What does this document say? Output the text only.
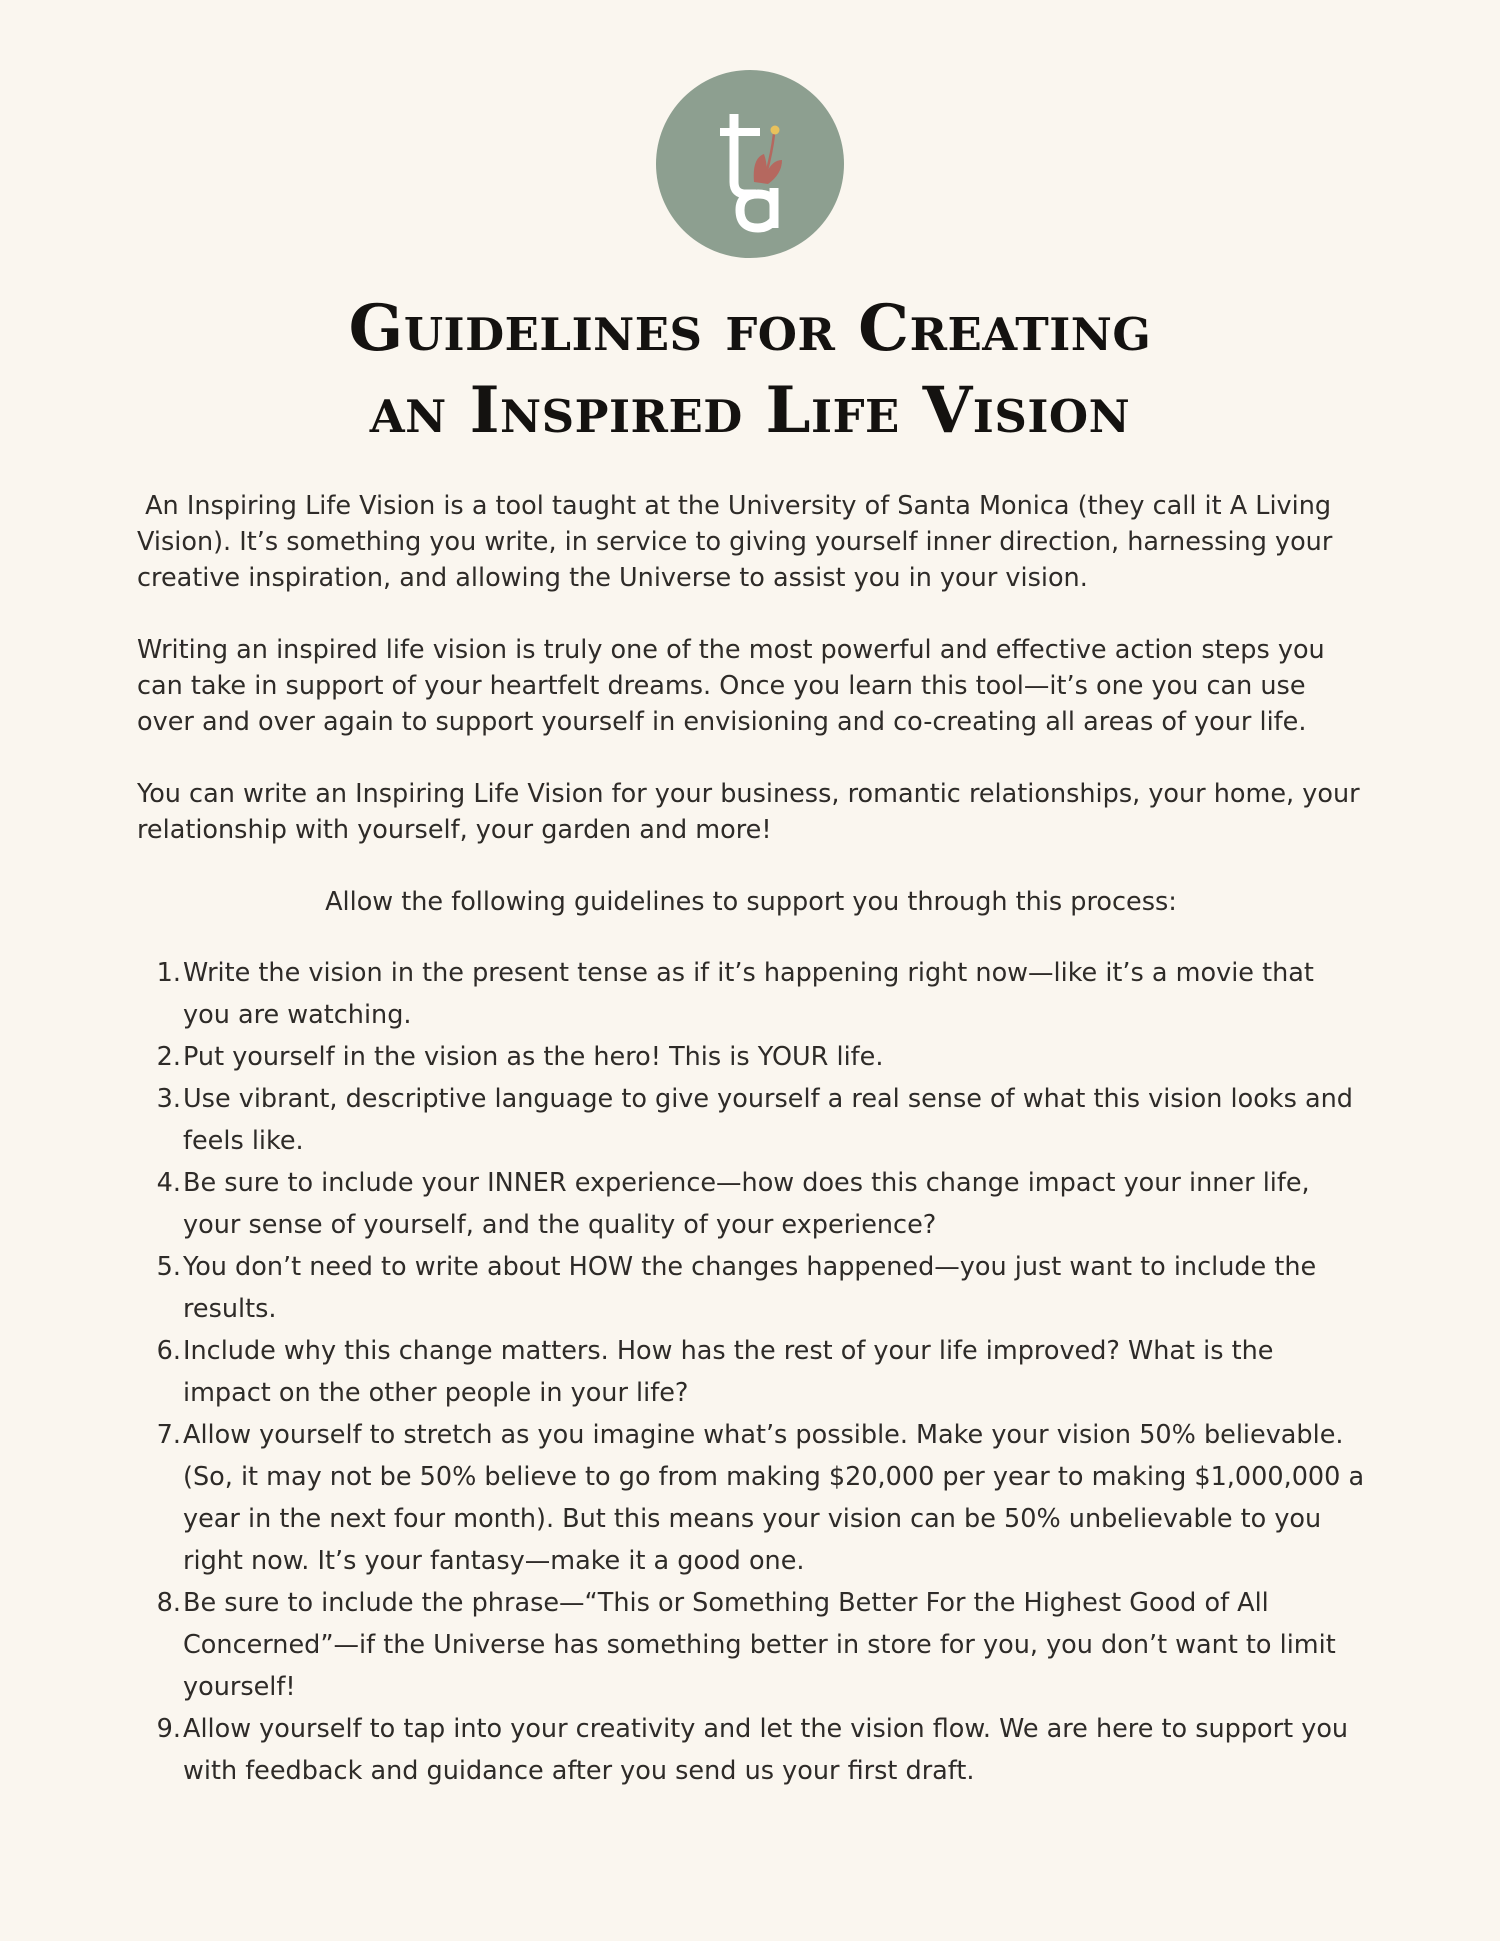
Guidelines for Creating
an Inspired Life Vision

An Inspiring Life Vision is a tool taught at the University of Santa Monica (they call it A Living Vision). It’s something you write, in service to giving yourself inner direction, harnessing your creative inspiration, and allowing the Universe to assist you in your vision.

Writing an inspired life vision is truly one of the most powerful and effective action steps you can take in support of your heartfelt dreams. Once you learn this tool—it’s one you can use over and over again to support yourself in envisioning and co-creating all areas of your life.

You can write an Inspiring Life Vision for your business, romantic relationships, your home, your relationship with yourself, your garden and more!

Allow the following guidelines to support you through this process:

1. Write the vision in the present tense as if it’s happening right now—like it’s a movie that you are watching.
2. Put yourself in the vision as the hero! This is YOUR life.
3. Use vibrant, descriptive language to give yourself a real sense of what this vision looks and feels like.
4. Be sure to include your INNER experience—how does this change impact your inner life, your sense of yourself, and the quality of your experience?
5. You don’t need to write about HOW the changes happened—you just want to include the results.
6. Include why this change matters. How has the rest of your life improved? What is the impact on the other people in your life?
7. Allow yourself to stretch as you imagine what’s possible. Make your vision 50% believable. (So, it may not be 50% believe to go from making $20,000 per year to making $1,000,000 a year in the next four month). But this means your vision can be 50% unbelievable to you right now. It’s your fantasy—make it a good one.
8. Be sure to include the phrase—“This or Something Better For the Highest Good of All Concerned”—if the Universe has something better in store for you, you don’t want to limit yourself!
9. Allow yourself to tap into your creativity and let the vision flow. We are here to support you with feedback and guidance after you send us your first draft.
